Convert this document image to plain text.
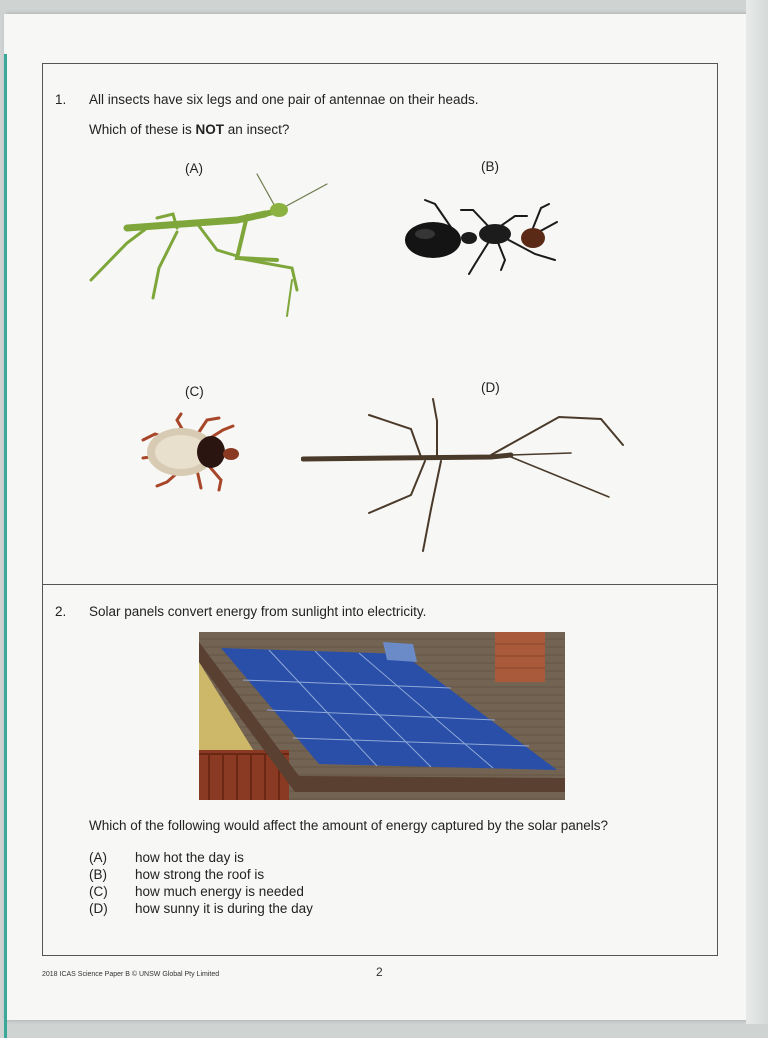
1. All insects have six legs and one pair of antennae on their heads.
Which of these is NOT an insect?
(A)	(B)
(C)	(D)
2. Solar panels convert energy from sunlight into electricity.
Which of the following would affect the amount of energy captured by the solar panels?
(A) how hot the day is
(B) how strong the roof is
(C) how much energy is needed
(D) how sunny it is during the day
2018 ICAS Science Paper B © UNSW Global Pty Limited	2
